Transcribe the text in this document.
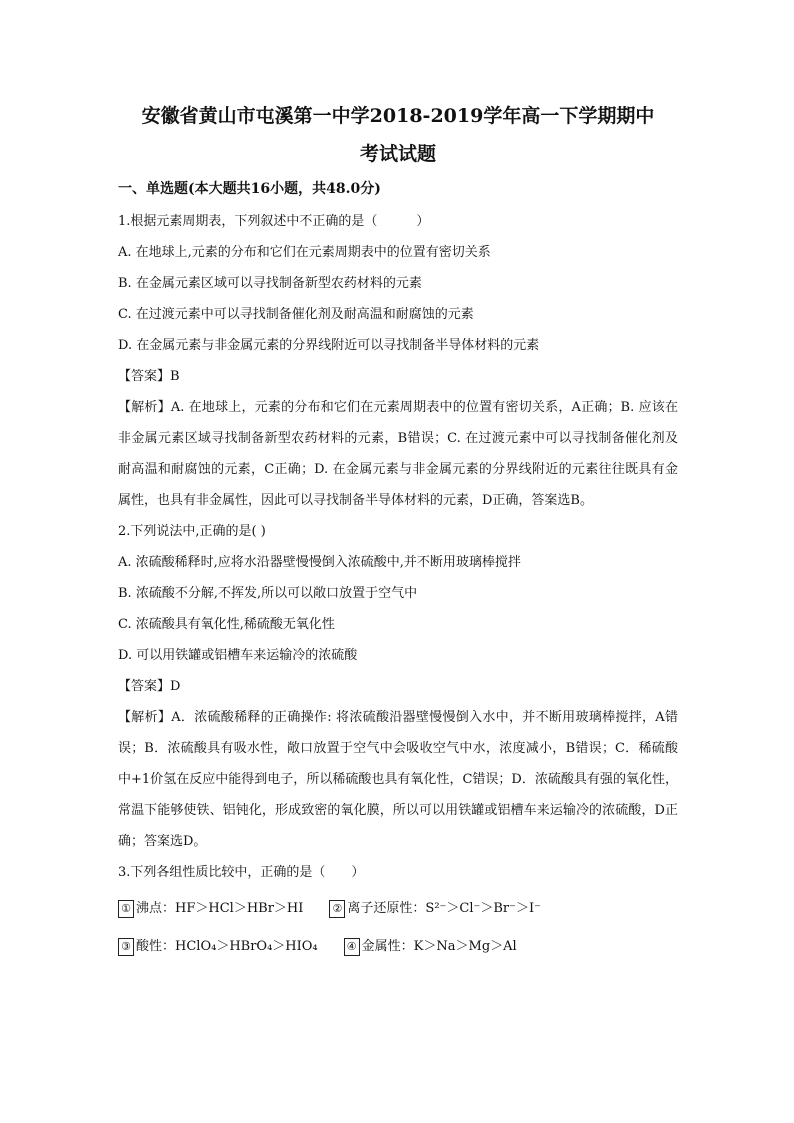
安徽省黄山市屯溪第一中学2018-2019学年高一下学期期中
考试试题
一、单选题(本大题共16小题，共48.0分)

1.根据元素周期表，下列叙述中不正确的是（　　　）

A. 在地球上,元素的分布和它们在元素周期表中的位置有密切关系

B. 在金属元素区域可以寻找制备新型农药材料的元素

C. 在过渡元素中可以寻找制备催化剂及耐高温和耐腐蚀的元素

D. 在金属元素与非金属元素的分界线附近可以寻找制备半导体材料的元素

【答案】B

【解析】A. 在地球上，元素的分布和它们在元素周期表中的位置有密切关系，A正确；B. 应该在非金属元素区域寻找制备新型农药材料的元素，B错误；C. 在过渡元素中可以寻找制备催化剂及耐高温和耐腐蚀的元素，C正确；D. 在金属元素与非金属元素的分界线附近的元素往往既具有金属性，也具有非金属性，因此可以寻找制备半导体材料的元素，D正确，答案选B。

2.下列说法中,正确的是( )

A. 浓硫酸稀释时,应将水沿器壁慢慢倒入浓硫酸中,并不断用玻璃棒搅拌

B. 浓硫酸不分解,不挥发,所以可以敞口放置于空气中

C. 浓硫酸具有氧化性,稀硫酸无氧化性

D. 可以用铁罐或铝槽车来运输冷的浓硫酸

【答案】D

【解析】A．浓硫酸稀释的正确操作: 将浓硫酸沿器壁慢慢倒入水中，并不断用玻璃棒搅拌，A错误；B．浓硫酸具有吸水性，敞口放置于空气中会吸收空气中水，浓度减小，B错误；C．稀硫酸中+1价氢在反应中能得到电子，所以稀硫酸也具有氧化性，C错误；D．浓硫酸具有强的氧化性，常温下能够使铁、铝钝化，形成致密的氧化膜，所以可以用铁罐或铝槽车来运输冷的浓硫酸，D正确；答案选D。

3.下列各组性质比较中，正确的是（　　）

① 沸点： HF＞HCl＞HBr＞HI	② 离子还原性： S²⁻＞Cl⁻＞Br⁻＞I⁻
③ 酸性： HClO₄＞HBrO₄＞HIO₄	④ 金属性： K＞Na＞Mg＞Al
